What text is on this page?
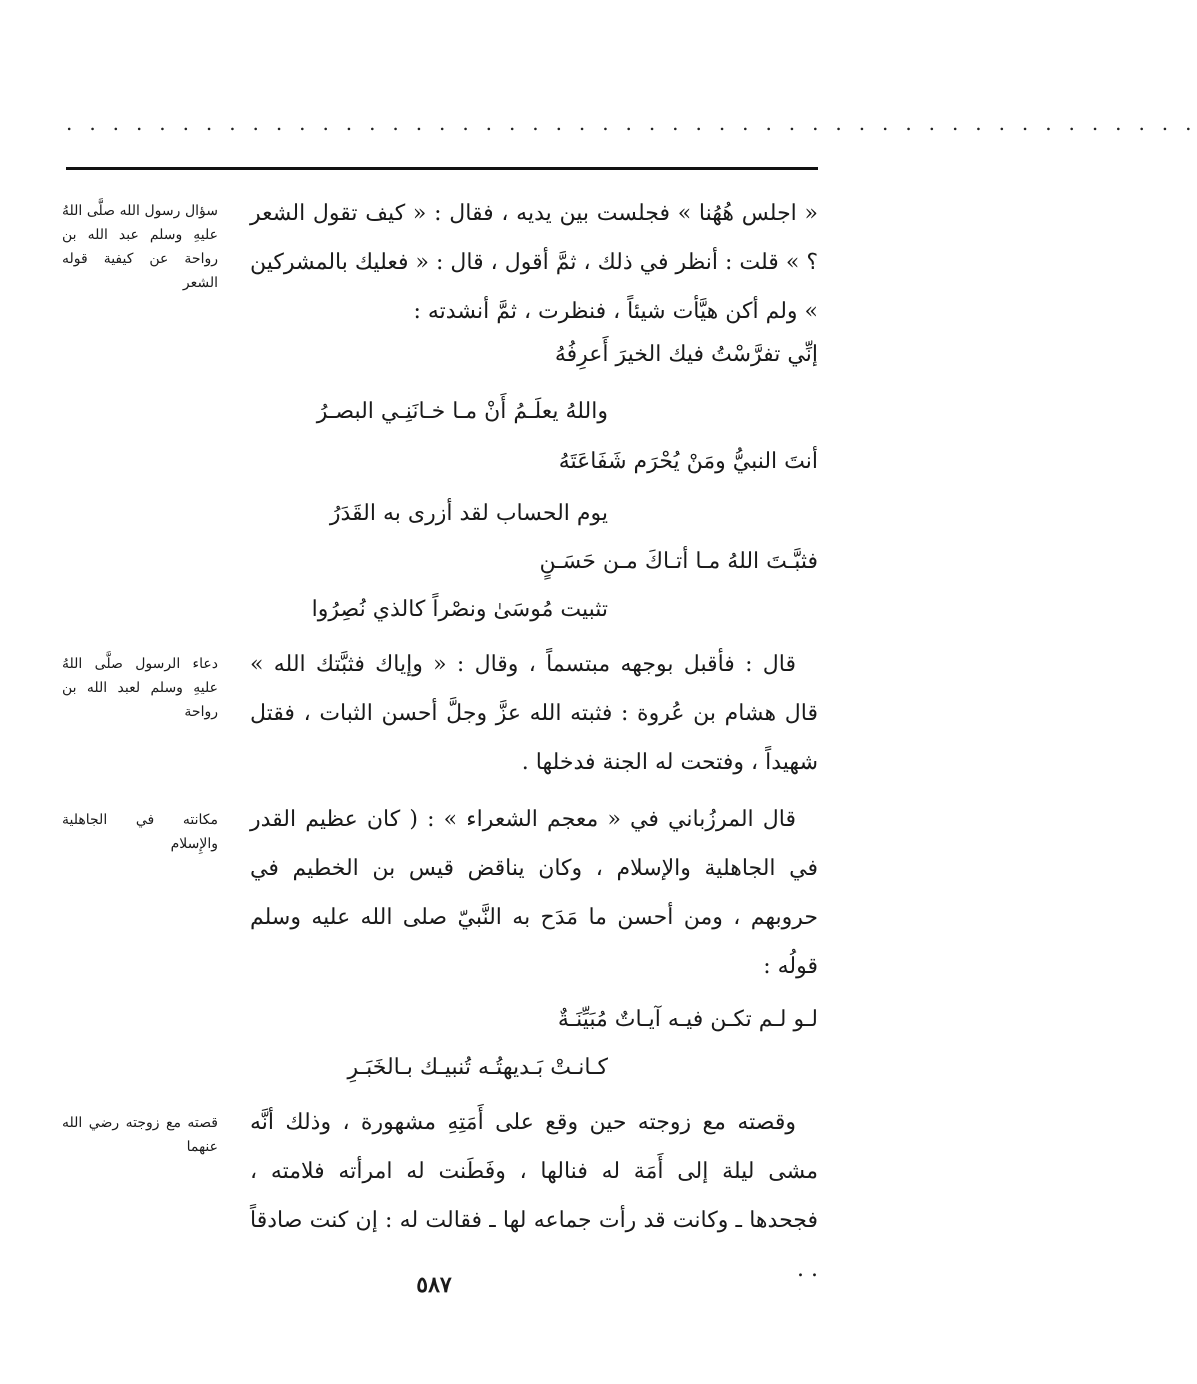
. . . . . . . . . . . . . . . . . . . . . . . . . . . . . . . . . . . . . . . . . . . . . . . . .
« اجلس هُهُنا » فجلست بين يديه ، فقال : « كيف تقول الشعر ؟ » قلت : أنظر في ذلك ، ثمَّ أقول ، قال : « فعليك بالمشركين » ولم أكن هيَّأت شيئاً ، فنظرت ، ثمَّ أنشدته :
إنِّي تفرَّسْتُ فيك الخيرَ أَعرِفُهُ
واللهُ يعلَـمُ أَنْ مـا خـانَنِـي البصـرُ
أنتَ النبيُّ ومَنْ يُحْرَم شَفَاعَتَهُ
يوم الحساب لقد أزرى به القَدَرُ
فثبَّـتَ اللهُ مـا أتـاكَ مـن حَسَـنٍ
تثبيت مُوسَىٰ ونصْراً كالذي نُصِرُوا
قال : فأقبل بوجهه مبتسماً ، وقال : « وإياك فثبَّتك الله » قال هشام بن عُروة : فثبته الله عزَّ وجلَّ أحسن الثبات ، فقتل شهيداً ، وفتحت له الجنة فدخلها .
قال المرزُباني في « معجم الشعراء » : ( كان عظيم القدر في الجاهلية والإسلام ، وكان يناقض قيس بن الخطيم في حروبهم ، ومن أحسن ما مَدَح به النَّبيّ صلى الله عليه وسلم قولُه :
لـو لـم تكـن فيـه آيـاتٌ مُبَيِّنَـةٌ
كـانـتْ بَـديهتُـه تُنبيـك بـالخَبَـرِ
وقصته مع زوجته حين وقع على أَمَتِهِ مشهورة ، وذلك أنَّه مشى ليلة إلى أَمَة له فنالها ، وفَطَنت له امرأته فلامته ، فجحدها ـ وكانت قد رأت جماعه لها ـ فقالت له : إن كنت صادقاً . .
سؤال رسول الله صلَّى اللهُ عليهِ وسلم عبد الله بن رواحة عن كيفية قوله الشعر
دعاء الرسول صلَّى اللهُ عليهِ وسلم لعبد الله بن رواحة
مكانته في الجاهلية والإِسلام
قصته مع زوجته رضي الله عنهما
٥٨٧
